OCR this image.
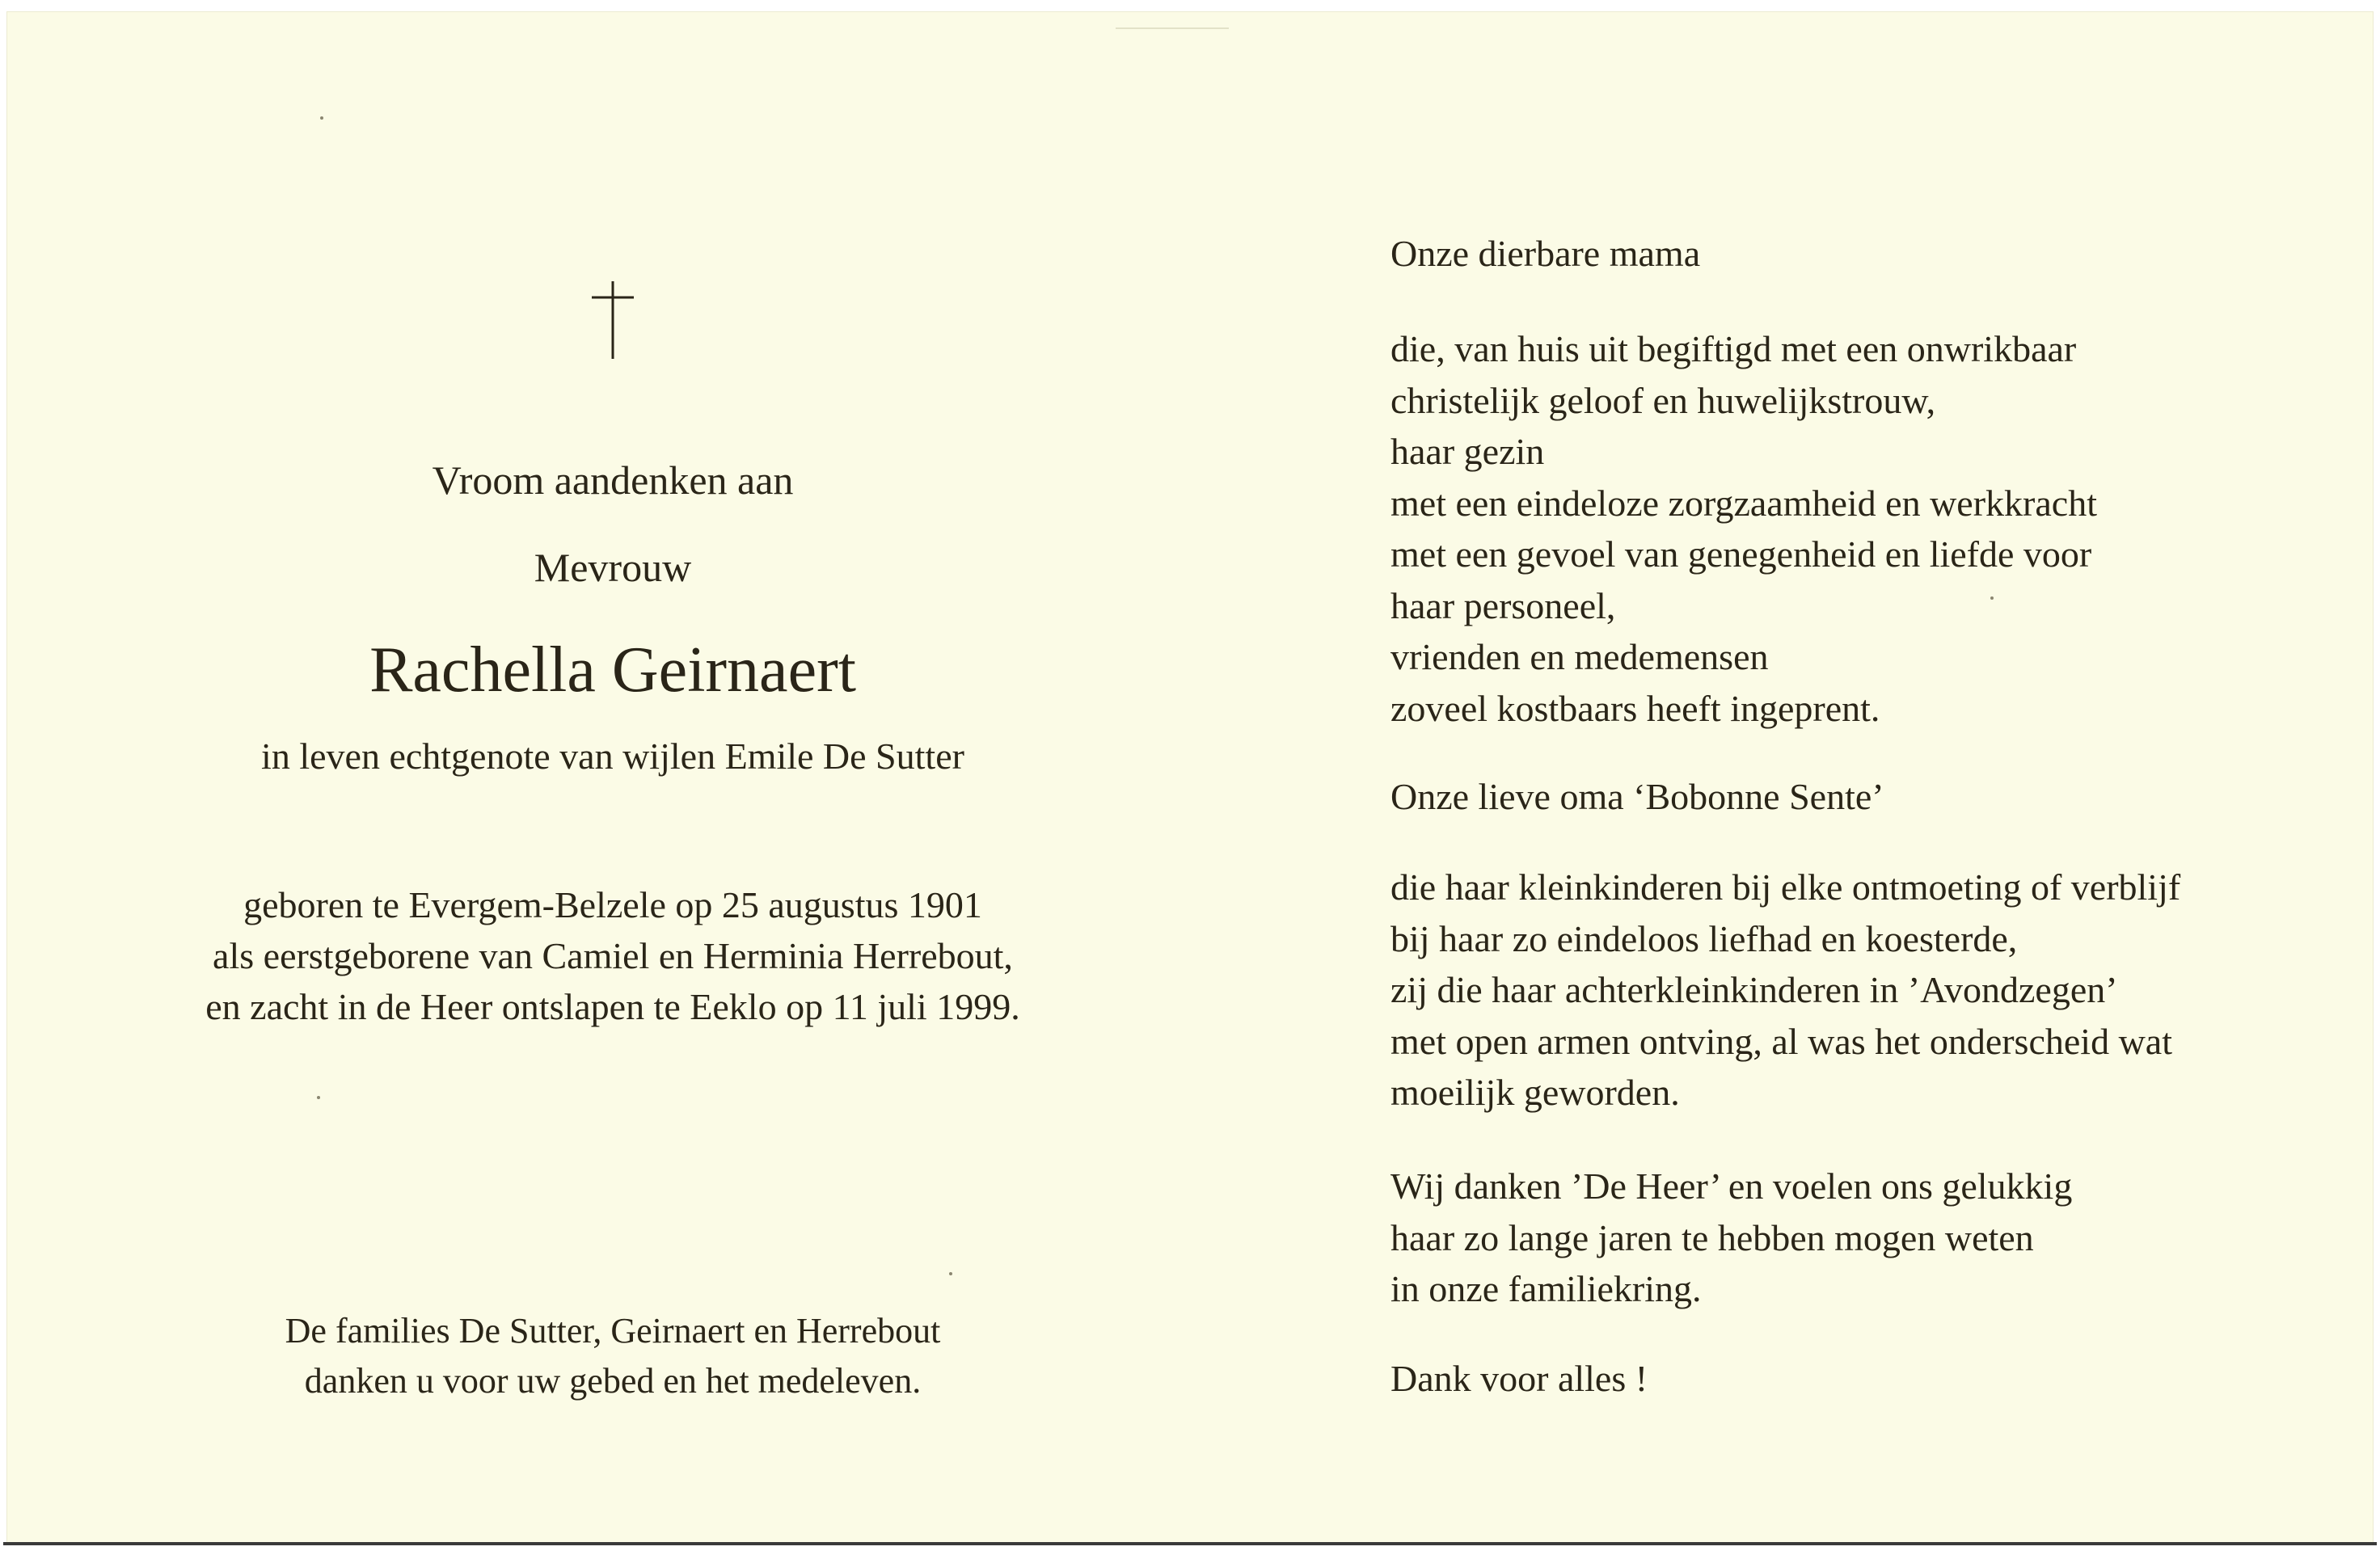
Vroom aandenken aan

Mevrouw

Rachella Geirnaert

in leven echtgenote van wijlen Emile De Sutter

geboren te Evergem-Belzele op 25 augustus 1901

als eerstgeborene van Camiel en Herminia Herrebout,

en zacht in de Heer ontslapen te Eeklo op 11 juli 1999.

De families De Sutter, Geirnaert en Herrebout

danken u voor uw gebed en het medeleven.

Onze dierbare mama

die, van huis uit begiftigd met een onwrikbaar
christelijk geloof en huwelijkstrouw,
haar gezin
met een eindeloze zorgzaamheid en werkkracht
met een gevoel van genegenheid en liefde voor
haar personeel,
vrienden en medemensen
zoveel kostbaars heeft ingeprent.

Onze lieve oma ‘Bobonne Sente’

die haar kleinkinderen bij elke ontmoeting of verblijf
bij haar zo eindeloos liefhad en koesterde,
zij die haar achterkleinkinderen in ’Avondzegen’
met open armen ontving, al was het onderscheid wat
moeilijk geworden.

Wij danken ’De Heer’ en voelen ons gelukkig
haar zo lange jaren te hebben mogen weten
in onze familiekring.

Dank voor alles !
